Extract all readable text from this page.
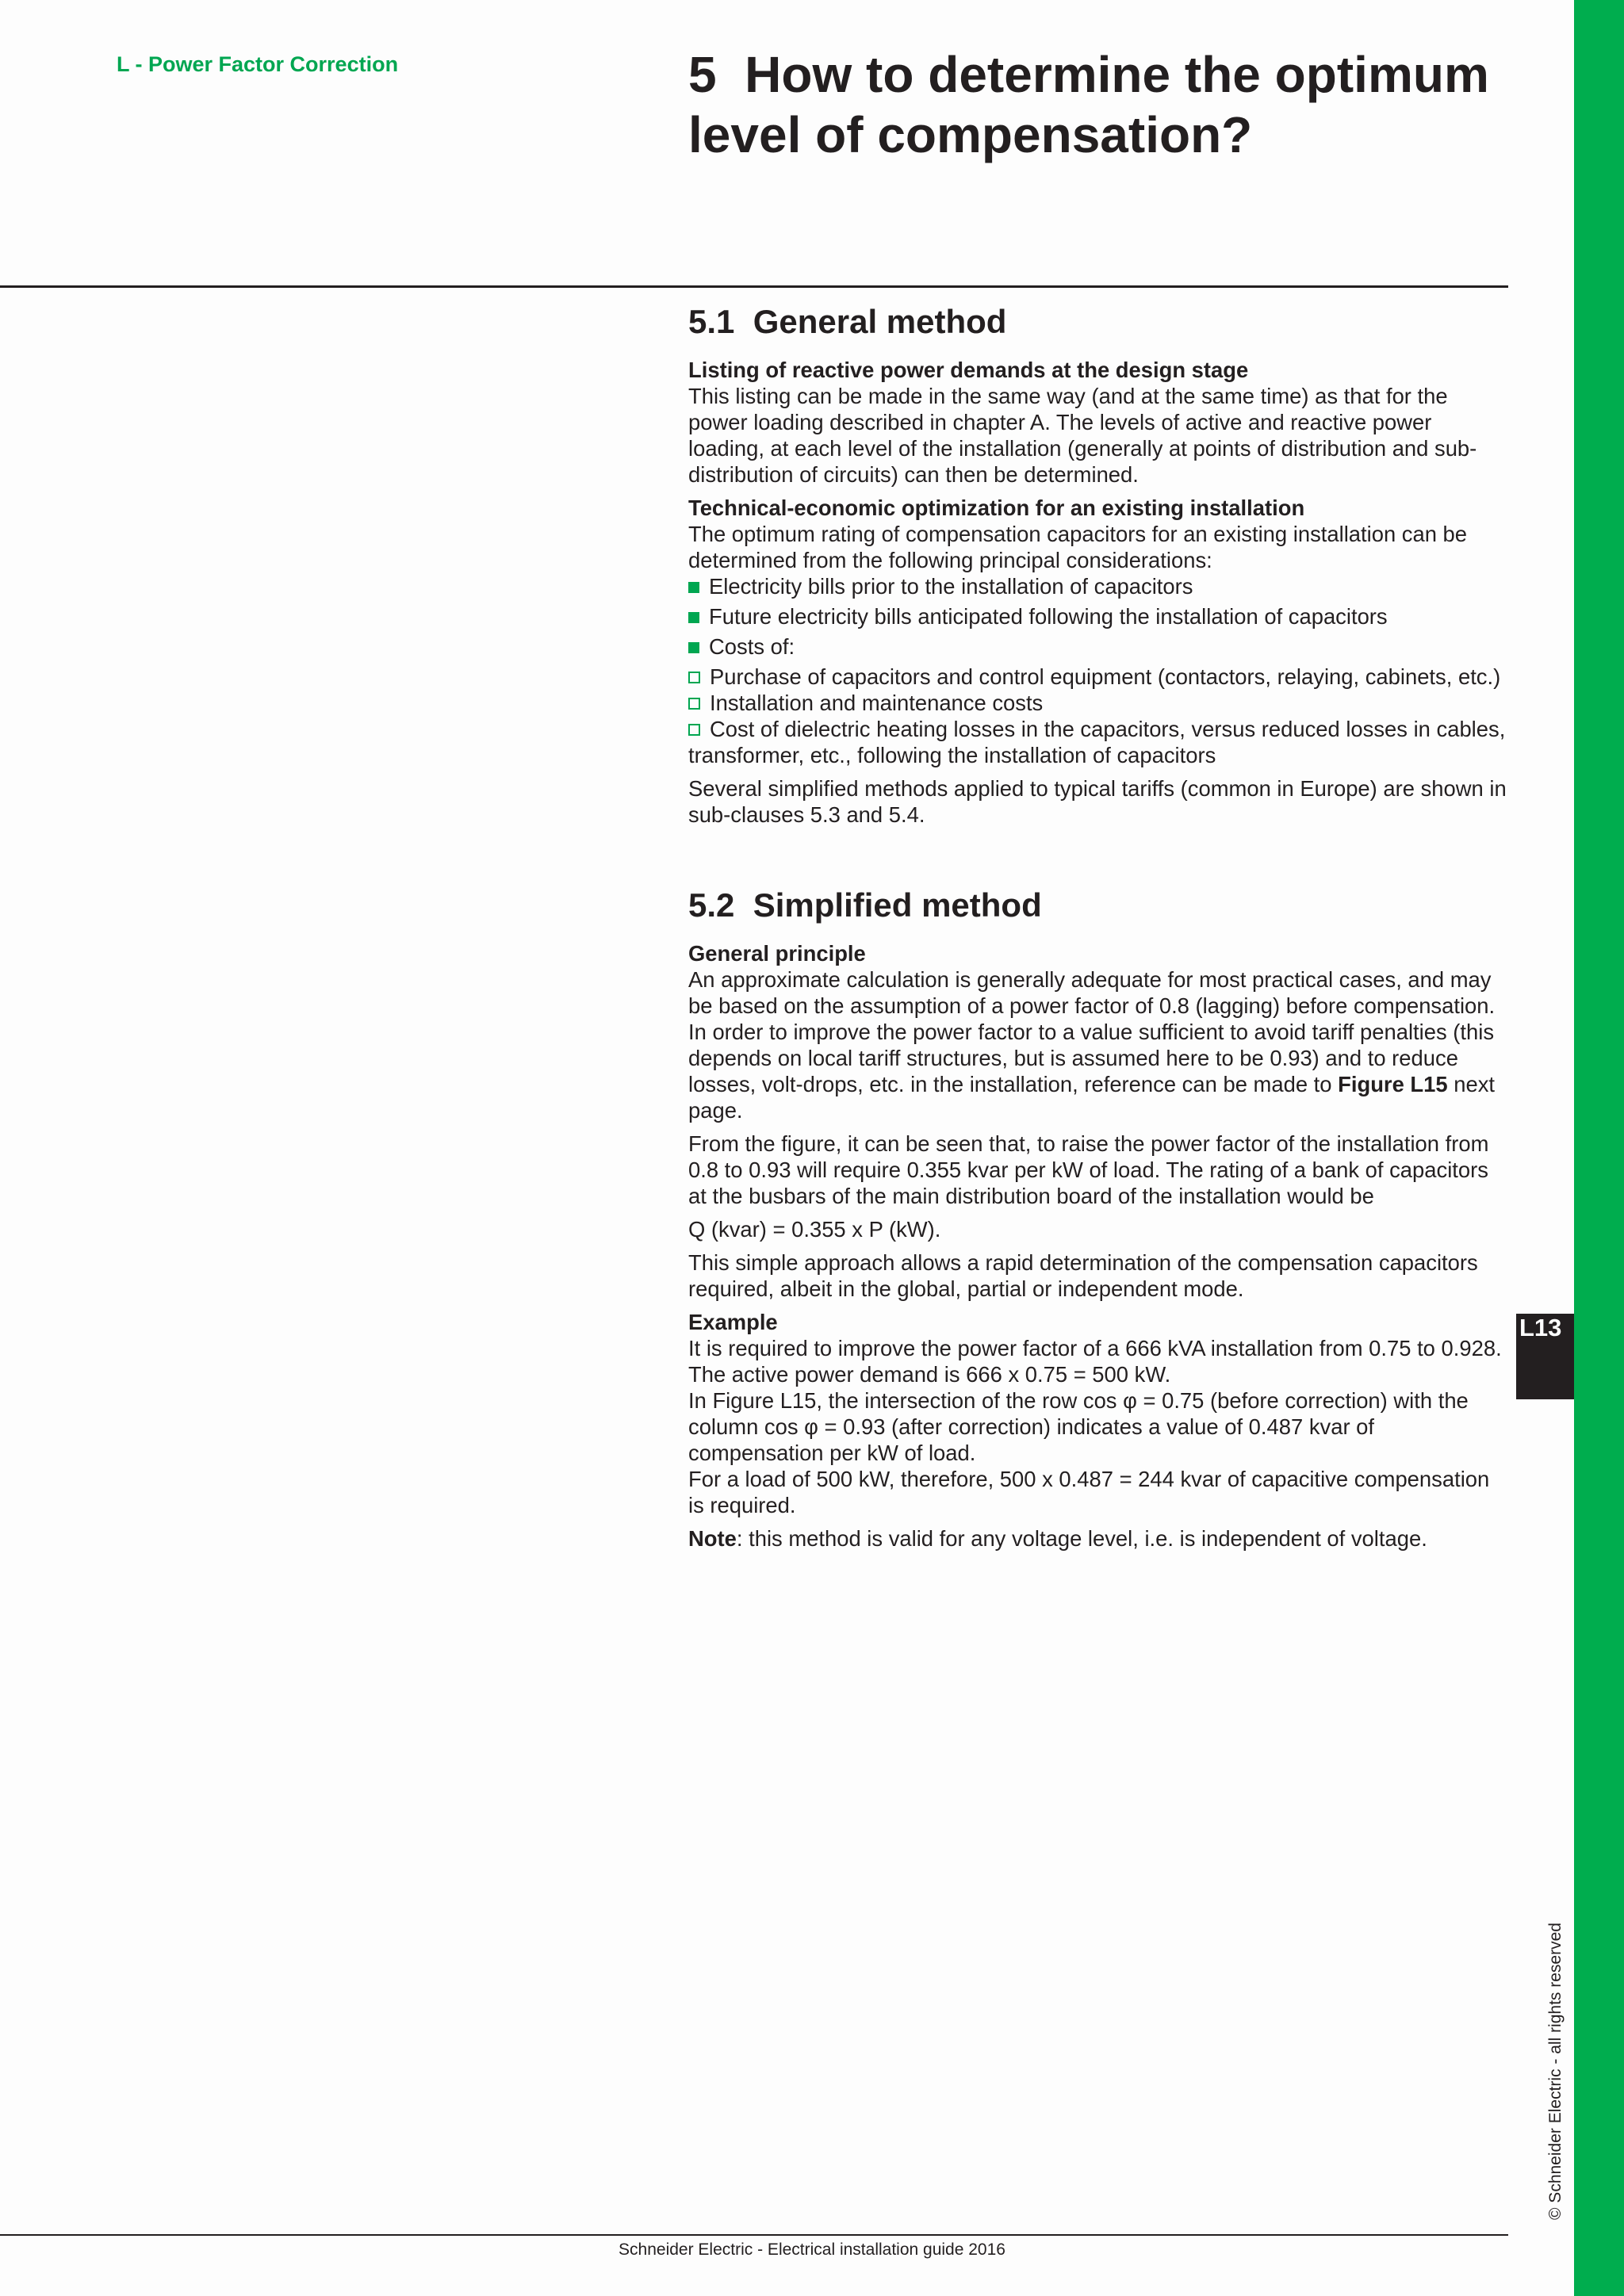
L - Power Factor Correction	5  How to determine the optimum
level of compensation?
5.1  General method
Listing of reactive power demands at the design stage

This listing can be made in the same way (and at the same time) as that for the power loading described in chapter A. The levels of active and reactive power loading, at each level of the installation (generally at points of distribution and sub-distribution of circuits) can then be determined.

Technical-economic optimization for an existing installation

The optimum rating of compensation capacitors for an existing installation can be determined from the following principal considerations:

Electricity bills prior to the installation of capacitors
Future electricity bills anticipated following the installation of capacitors
Costs of:
Purchase of capacitors and control equipment (contactors, relaying, cabinets, etc.)
Installation and maintenance costs
Cost of dielectric heating losses in the capacitors, versus reduced losses in cables, transformer, etc., following the installation of capacitors

Several simplified methods applied to typical tariffs (common in Europe) are shown in sub-clauses 5.3 and 5.4.

5.2  Simplified method
General principle

An approximate calculation is generally adequate for most practical cases, and may be based on the assumption of a power factor of 0.8 (lagging) before compensation. In order to improve the power factor to a value sufficient to avoid tariff penalties (this depends on local tariff structures, but is assumed here to be 0.93) and to reduce losses, volt-drops, etc. in the installation, reference can be made to Figure L15 next page.

From the figure, it can be seen that, to raise the power factor of the installation from 0.8 to 0.93 will require 0.355 kvar per kW of load. The rating of a bank of capacitors at the busbars of the main distribution board of the installation would be

Q (kvar) = 0.355 x P (kW).

This simple approach allows a rapid determination of the compensation capacitors required, albeit in the global, partial or independent mode.

Example

It is required to improve the power factor of a 666 kVA installation from 0.75 to 0.928. The active power demand is 666 x 0.75 = 500 kW.

In Figure L15, the intersection of the row cos φ = 0.75 (before correction) with the column cos φ = 0.93 (after correction) indicates a value of 0.487 kvar of compensation per kW of load.

For a load of 500 kW, therefore, 500 x 0.487 = 244 kvar of capacitive compensation is required.

Note: this method is valid for any voltage level, i.e. is independent of voltage.

L13
© Schneider Electric - all rights reserved
Schneider Electric - Electrical installation guide 2016
